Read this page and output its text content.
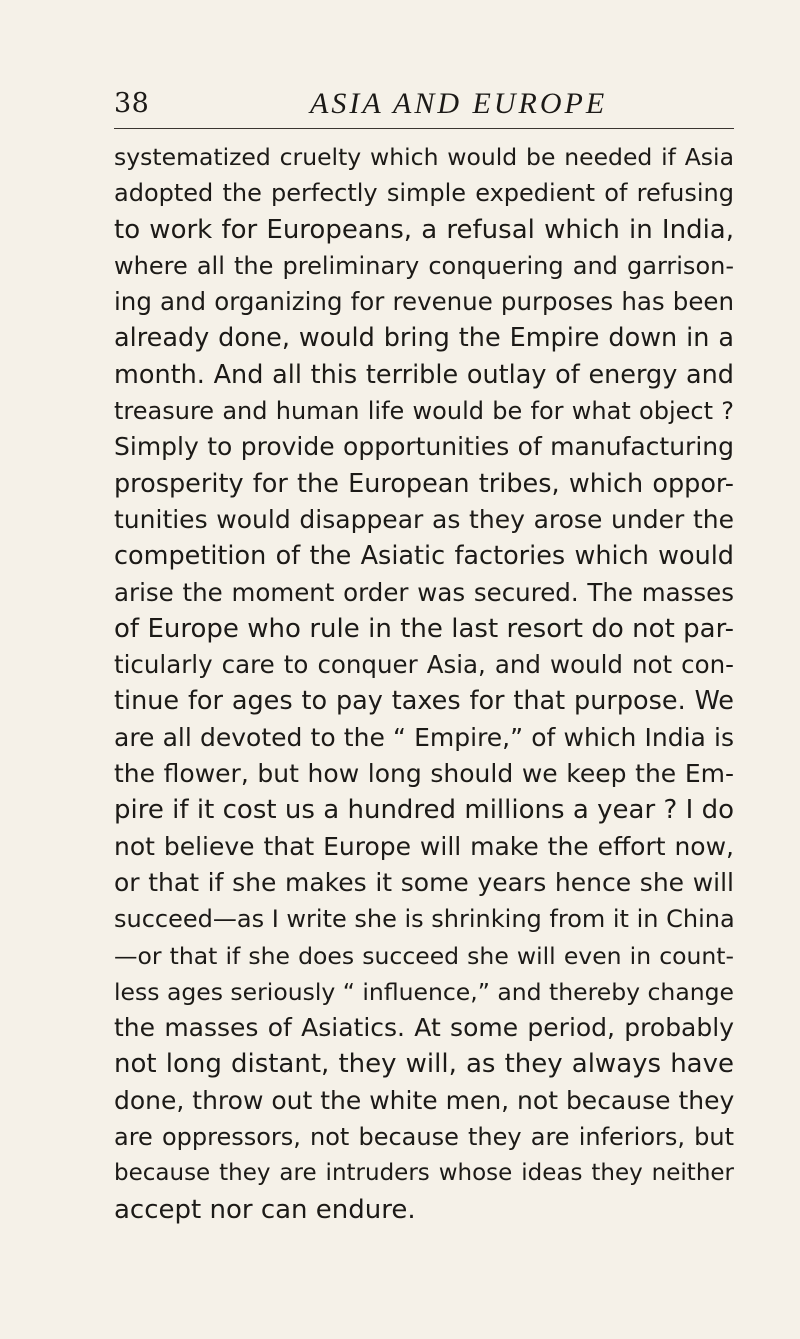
38	ASIA AND EUROPE
systematized cruelty which would be needed if Asia
adopted the perfectly simple expedient of refusing
to work for Europeans, a refusal which in India,
where all the preliminary conquering and garrison-
ing and organizing for revenue purposes has been
already done, would bring the Empire down in a
month. And all this terrible outlay of energy and
treasure and human life would be for what object ?
Simply to provide opportunities of manufacturing
prosperity for the European tribes, which oppor-
tunities would disappear as they arose under the
competition of the Asiatic factories which would
arise the moment order was secured. The masses
of Europe who rule in the last resort do not par-
ticularly care to conquer Asia, and would not con-
tinue for ages to pay taxes for that purpose. We
are all devoted to the “ Empire,” of which India is
the flower, but how long should we keep the Em-
pire if it cost us a hundred millions a year ? I do
not believe that Europe will make the effort now,
or that if she makes it some years hence she will
succeed—as I write she is shrinking from it in China
—or that if she does succeed she will even in count-
less ages seriously “ influence,” and thereby change
the masses of Asiatics. At some period, probably
not long distant, they will, as they always have
done, throw out the white men, not because they
are oppressors, not because they are inferiors, but
because they are intruders whose ideas they neither
accept nor can endure.
